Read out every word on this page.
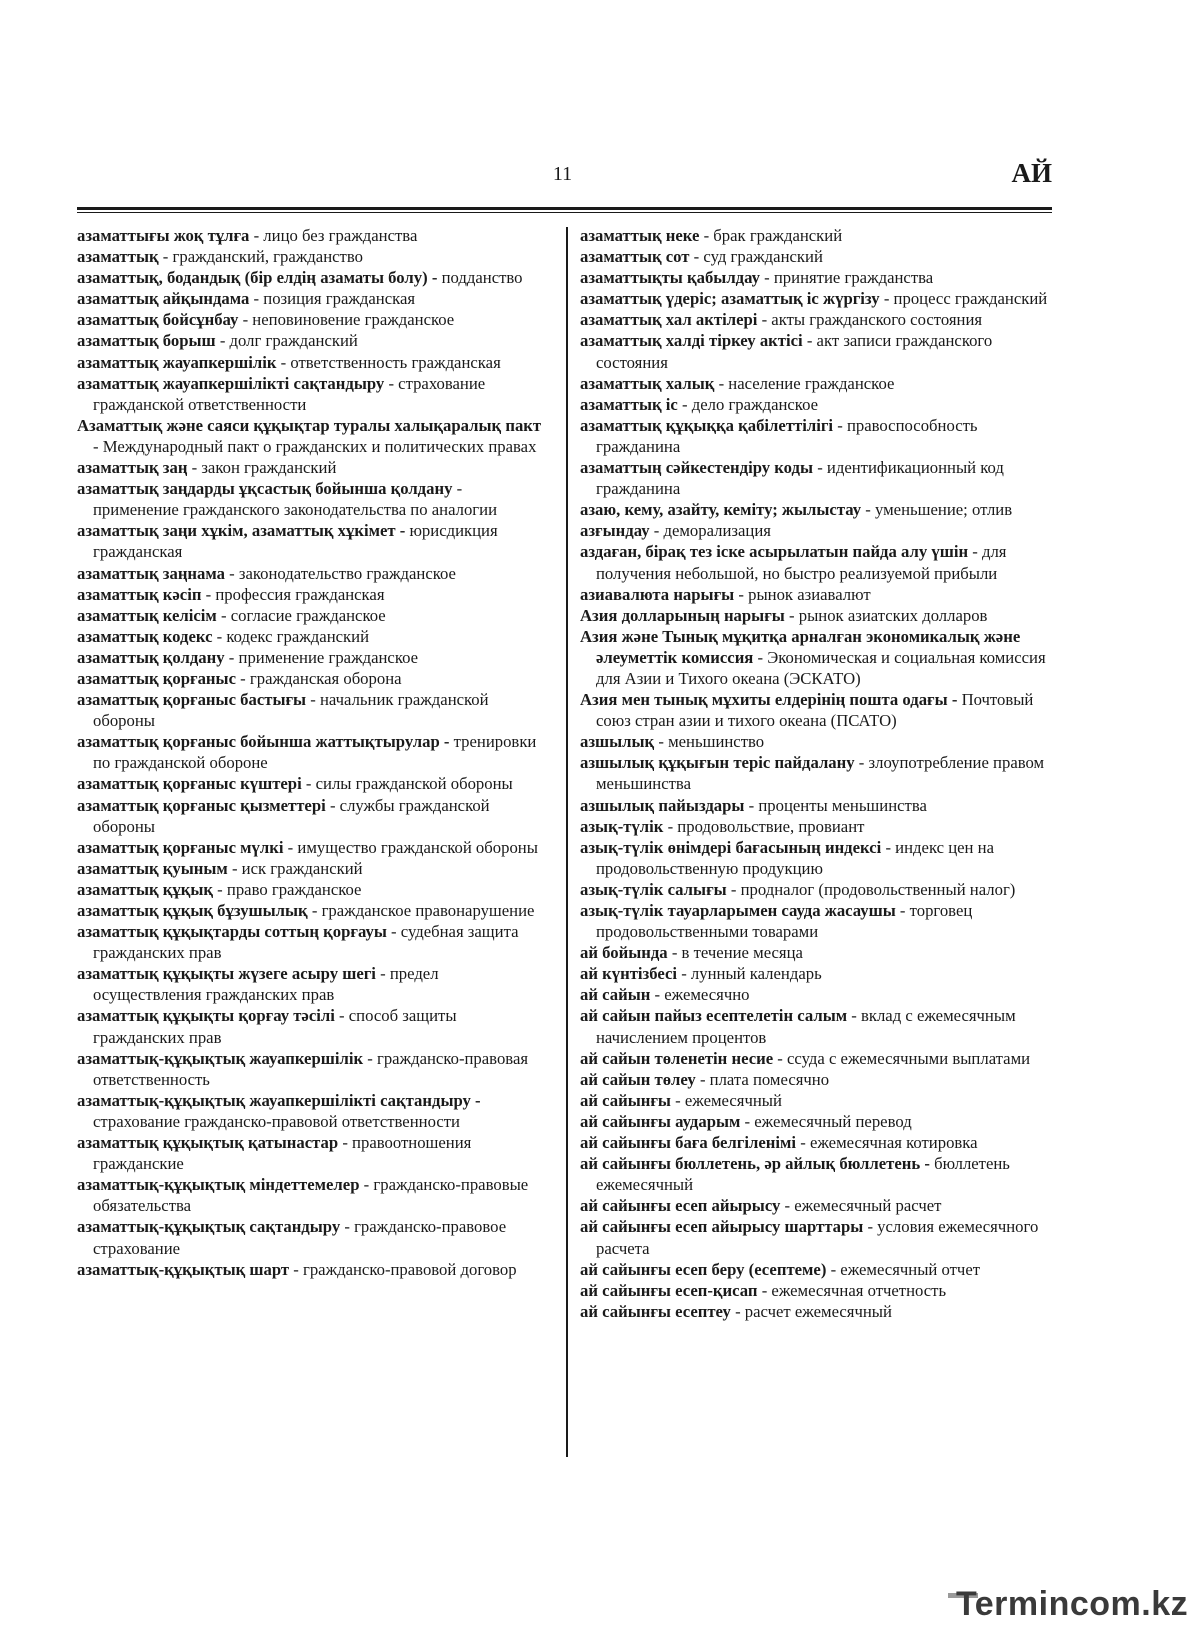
11	АЙ

азаматтығы жоқ тұлға - лицо без гражданства

азаматтық - гражданский, гражданство

азаматтық, бодандық (бір елдің азаматы болу) - подданство

азаматтық айқындама - позиция гражданская

азаматтық бойсұнбау - неповиновение гражданское

азаматтық борыш - долг гражданский

азаматтық жауапкершілік - ответственность гражданская

азаматтық жауапкершілікті сақтандыру - страхование гражданской ответственности

Азаматтық және саяси құқықтар туралы халықаралық пакт - Международный пакт о гражданских и политических правах

азаматтық заң - закон гражданский

азаматтық заңдарды ұқсастық бойынша қолдану - применение гражданского законодательства по аналогии

азаматтық заңи хұкім, азаматтық хұкімет - юрисдикция гражданская

азаматтық заңнама - законодательство гражданское

азаматтық кәсіп - профессия гражданская

азаматтық келісім - согласие гражданское

азаматтық кодекс - кодекс гражданский

азаматтық қолдану - применение гражданское

азаматтық қорғаныс - гражданская оборона

азаматтық қорғаныс бастығы - начальник гражданской обороны

азаматтық қорғаныс бойынша жаттықтырулар - тренировки по гражданской обороне

азаматтық қорғаныс күштері - силы гражданской обороны

азаматтық қорғаныс қызметтері - службы гражданской обороны

азаматтық қорғаныс мүлкі - имущество гражданской обороны

азаматтық қуыным - иск гражданский

азаматтық құқық - право гражданское

азаматтық құқық бұзушылық - гражданское правонарушение

азаматтық құқықтарды соттың қорғауы - судебная защита гражданских прав

азаматтық құқықты жүзеге асыру шегі - предел осуществления гражданских прав

азаматтық құқықты қорғау тәсілі - способ защиты гражданских прав

азаматтық-құқықтық жауапкершілік - гражданско-правовая ответственность

азаматтық-құқықтық жауапкершілікті сақтандыру - страхование гражданско-правовой ответственности

азаматтық құқықтық қатынастар - правоотношения гражданские

азаматтық-құқықтық міндеттемелер - гражданско-правовые обязательства

азаматтық-құқықтық сақтандыру - гражданско-правовое страхование

азаматтық-құқықтық шарт - гражданско-правовой договор

азаматтық неке - брак гражданский

азаматтық сот - суд гражданский

азаматтықты қабылдау - принятие гражданства

азаматтық үдеріс; азаматтық іс жүргізу - процесс гражданский

азаматтық хал актілері - акты гражданского состояния

азаматтық халді тіркеу актісі - акт записи гражданского состояния

азаматтық халық - население гражданское

азаматтық іс - дело гражданское

азаматтық құқыққа қабілеттілігі - правоспособность гражданина

азаматтың сәйкестендіру коды - идентификационный код гражданина

азаю, кему, азайту, кеміту; жылыстау - уменьшение; отлив

азғындау - деморализация

аздаған, бірақ тез іске асырылатын пайда алу үшін - для получения небольшой, но быстро реализуемой прибыли

азиавалюта нарығы - рынок азиавалют

Азия долларының нарығы - рынок азиатских долларов

Азия және Тынық мұқитқа арналған экономикалық және әлеуметтік комиссия - Экономическая и социальная комиссия для Азии и Тихого океана (ЭСКАТО)

Азия мен тынық мұхиты елдерінің пошта одағы - Почтовый союз стран азии и тихого океана (ПСАТО)

азшылық - меньшинство

азшылық құқығын теріс пайдалану - злоупотребление правом меньшинства

азшылық пайыздары - проценты меньшинства

азық-түлік - продовольствие, провиант

азық-түлік өнімдері бағасының индексі - индекс цен на продовольственную продукцию

азық-түлік салығы - продналог (продовольственный налог)

азық-түлік тауарларымен сауда жасаушы - торговец продовольственными товарами

ай бойында - в течение месяца

ай күнтізбесі - лунный календарь

ай сайын - ежемесячно

ай сайын пайыз есептелетін салым - вклад с ежемесячным начислением процентов

ай сайын төленетін несие - ссуда с ежемесячными выплатами

ай сайын төлеу - плата помесячно

ай сайынғы - ежемесячный

ай сайынғы аударым - ежемесячный перевод

ай сайынғы баға белгіленімі - ежемесячная котировка

ай сайынғы бюллетень, әр айлық бюллетень - бюллетень ежемесячный

ай сайынғы есеп айырысу - ежемесячный расчет

ай сайынғы есеп айырысу шарттары - условия ежемесячного расчета

ай сайынғы есеп беру (есептеме) - ежемесячный отчет

ай сайынғы есеп-қисап - ежемесячная отчетность

ай сайынғы есептеу - расчет ежемесячный

Termincom.kz
